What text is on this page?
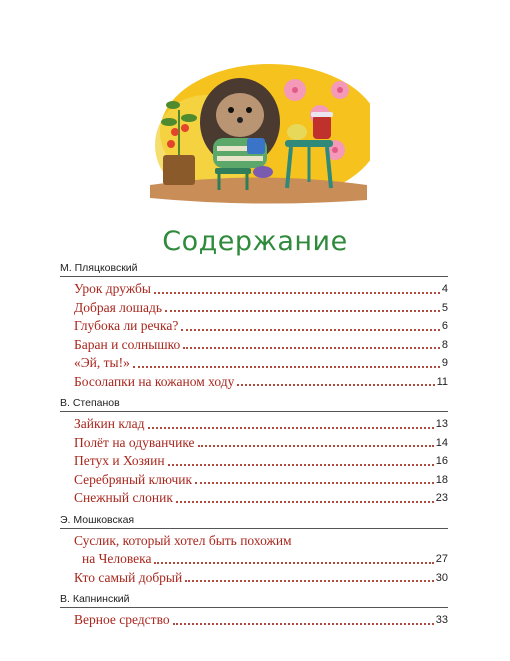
Содержание
М. Пляцковский
Урок дружбы	4
Добрая лошадь	5
Глубока ли речка?	6
Баран и солнышко	8
«Эй, ты!»	9
Босолапки на кожаном ходу	11
В. Степанов
Зайкин клад	13
Полёт на одуванчике	14
Петух и Хозяин	16
Серебряный ключик	18
Снежный слоник	23
Э. Мошковская
Суслик, который хотел быть похожим
на Человека	27
Кто самый добрый	30
В. Капнинский
Верное средство	33
